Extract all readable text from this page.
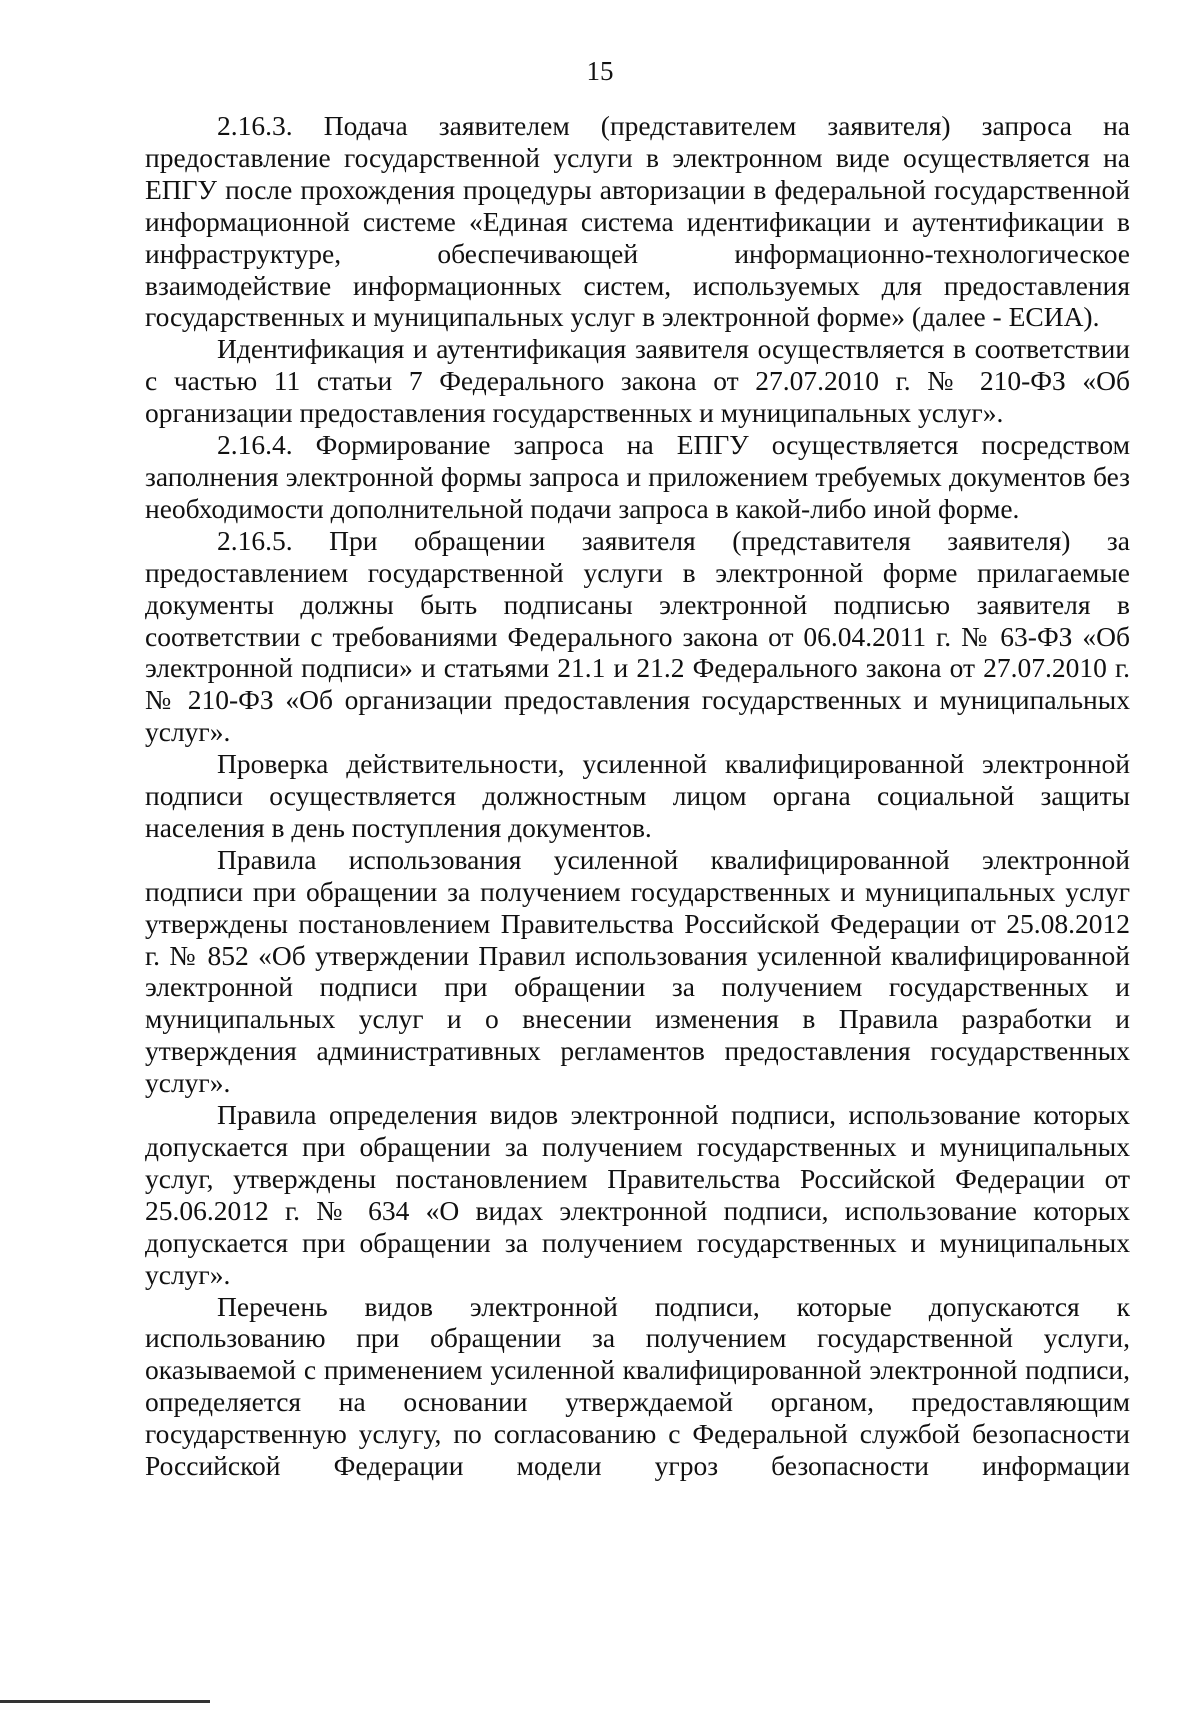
15

2.16.3. Подача заявителем (представителем заявителя) запроса на предоставление государственной услуги в электронном виде осуществляется на ЕПГУ после прохождения процедуры авторизации в федеральной государственной информационной системе «Единая система идентификации и аутентификации в инфраструктуре, обеспечивающей информационно-технологическое взаимодействие информационных систем, используемых для предоставления государственных и муниципальных услуг в электронной форме» (далее - ЕСИА).

Идентификация и аутентификация заявителя осуществляется в соответствии с частью 11 статьи 7 Федерального закона от 27.07.2010 г. № 210-ФЗ «Об организации предоставления государственных и муниципальных услуг».

2.16.4. Формирование запроса на ЕПГУ осуществляется посредством заполнения электронной формы запроса и приложением требуемых документов без необходимости дополнительной подачи запроса в какой-либо иной форме.

2.16.5. При обращении заявителя (представителя заявителя) за предоставлением государственной услуги в электронной форме прилагаемые документы должны быть подписаны электронной подписью заявителя в соответствии с требованиями Федерального закона от 06.04.2011 г. № 63-ФЗ «Об электронной подписи» и статьями 21.1 и 21.2 Федерального закона от 27.07.2010 г. № 210-ФЗ «Об организации предоставления государственных и муниципальных услуг».

Проверка действительности, усиленной квалифицированной электронной подписи осуществляется должностным лицом органа социальной защиты населения в день поступления документов.

Правила использования усиленной квалифицированной электронной подписи при обращении за получением государственных и муниципальных услуг утверждены постановлением Правительства Российской Федерации от 25.08.2012 г. № 852 «Об утверждении Правил использования усиленной квалифицированной электронной подписи при обращении за получением государственных и муниципальных услуг и о внесении изменения в Правила разработки и утверждения административных регламентов предоставления государственных услуг».

Правила определения видов электронной подписи, использование которых допускается при обращении за получением государственных и муниципальных услуг, утверждены постановлением Правительства Российской Федерации от 25.06.2012 г. № 634 «О видах электронной подписи, использование которых допускается при обращении за получением государственных и муниципальных услуг».

Перечень видов электронной подписи, которые допускаются к использованию при обращении за получением государственной услуги, оказываемой с применением усиленной квалифицированной электронной подписи, определяется на основании утверждаемой органом, предоставляющим государственную услугу, по согласованию с Федеральной службой безопасности Российской Федерации модели угроз безопасности информации
